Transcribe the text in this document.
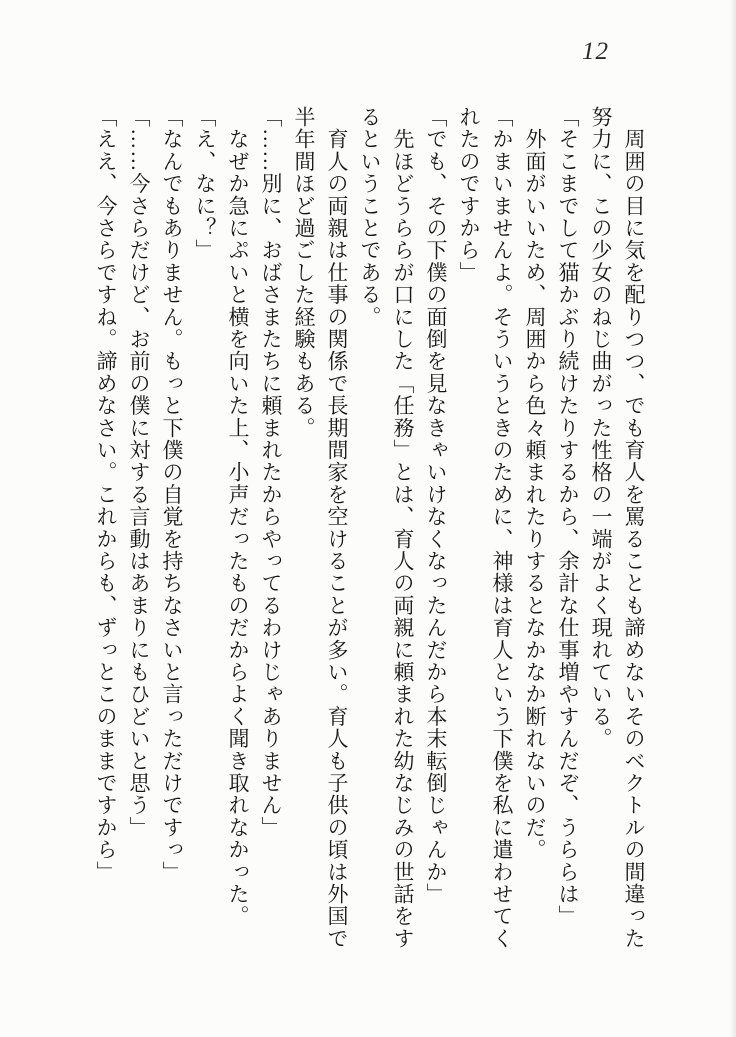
12

　周囲の目に気を配りつつ、でも育人を罵ることも諦めないそのベクトルの間違った

努力に、この少女のねじ曲がった性格の一端がよく現れている。

「そこまでして猫かぶり続けたりするから、余計な仕事増やすんだぞ、うららは」

　外面がいいため、周囲から色々頼まれたりするとなかなか断れないのだ。

「かまいませんよ。そういうときのために、神様は育人という下僕を私に遣わせてく

れたのですから」

「でも、その下僕の面倒を見なきゃいけなくなったんだから本末転倒じゃんか」

　先ほどうららが口にした「任務」とは、育人の両親に頼まれた幼なじみの世話をす

るということである。

　育人の両親は仕事の関係で長期間家を空けることが多い。育人も子供の頃は外国で

半年間ほど過ごした経験もある。

「……別に、おばさまたちに頼まれたからやってるわけじゃありません」

　なぜか急にぷいと横を向いた上、小声だったものだからよく聞き取れなかった。

「え、なに？」

「なんでもありません。もっと下僕の自覚を持ちなさいと言っただけですっ」

「……今さらだけど、お前の僕に対する言動はあまりにもひどいと思う」

「ええ、今さらですね。諦めなさい。これからも、ずっとこのままですから」
